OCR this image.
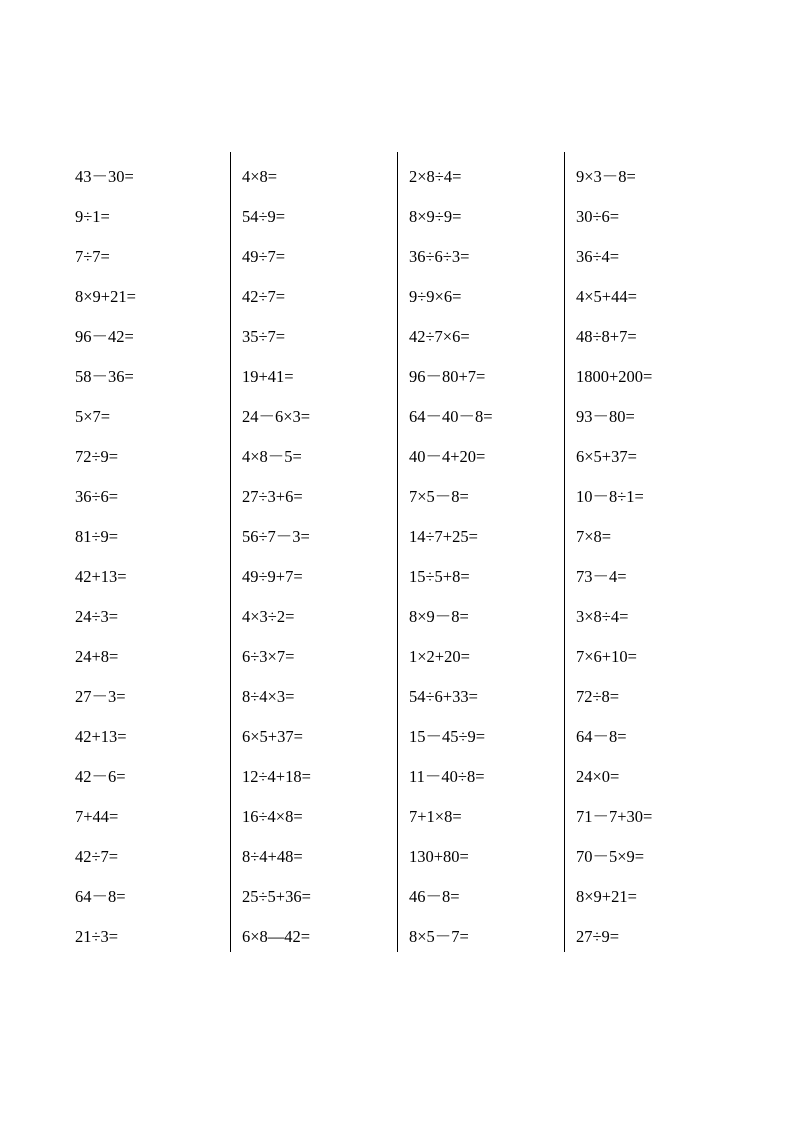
43－30=
9÷1=
7÷7=
8×9+21=
96－42=
58－36=
5×7=
72÷9=
36÷6=
81÷9=
42+13=
24÷3=
24+8=
27－3=
42+13=
42－6=
7+44=
42÷7=
64－8=
21÷3=
4×8=
54÷9=
49÷7=
42÷7=
35÷7=
19+41=
24－6×3=
4×8－5=
27÷3+6=
56÷7－3=
49÷9+7=
4×3÷2=
6÷3×7=
8÷4×3=
6×5+37=
12÷4+18=
16÷4×8=
8÷4+48=
25÷5+36=
6×8—42=
2×8÷4=
8×9÷9=
36÷6÷3=
9÷9×6=
42÷7×6=
96－80+7=
64－40－8=
40－4+20=
7×5－8=
14÷7+25=
15÷5+8=
8×9－8=
1×2+20=
54÷6+33=
15－45÷9=
11－40÷8=
7+1×8=
130+80=
46－8=
8×5－7=
9×3－8=
30÷6=
36÷4=
4×5+44=
48÷8+7=
1800+200=
93－80=
6×5+37=
10－8÷1=
7×8=
73－4=
3×8÷4=
7×6+10=
72÷8=
64－8=
24×0=
71－7+30=
70－5×9=
8×9+21=
27÷9=
